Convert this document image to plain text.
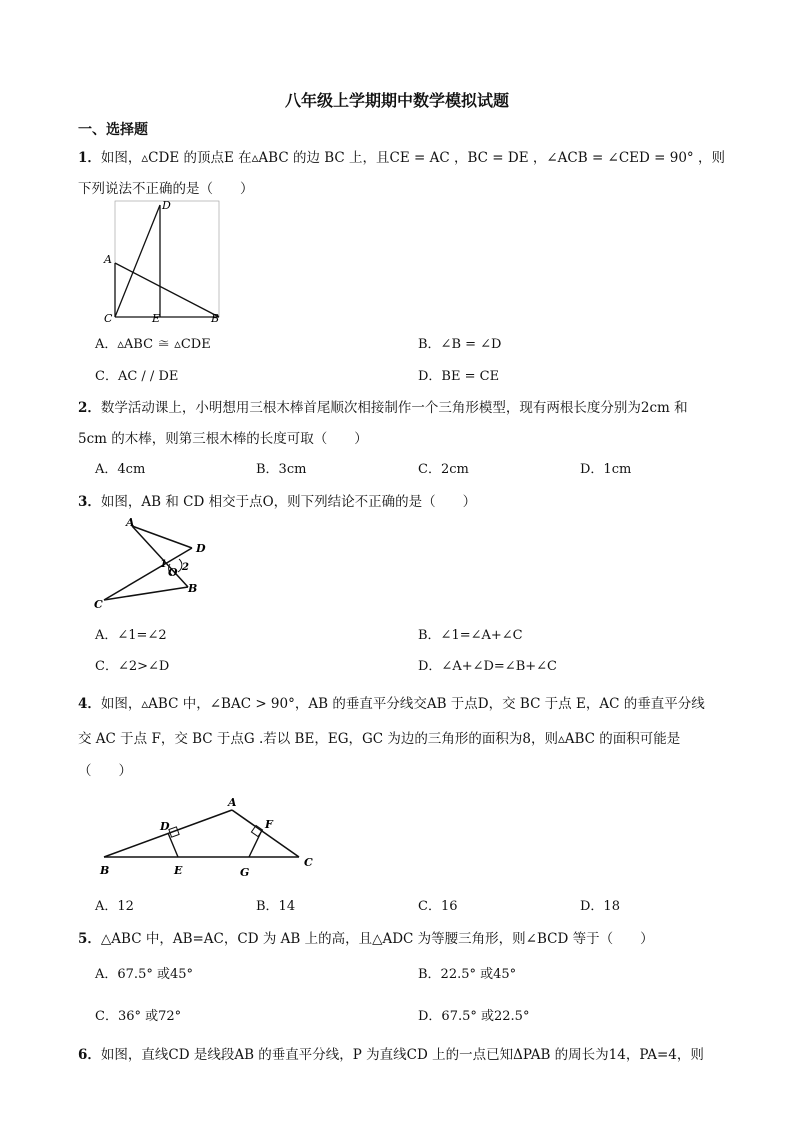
八年级上学期期中数学模拟试题
一、选择题
1．如图，▵CDE 的顶点E 在▵ABC 的边 BC 上，且CE = AC ，BC = DE ，∠ACB = ∠CED = 90° ，则
下列说法不正确的是（　　）
D
A
C	E	B
A．▵ABC ≅ ▵CDE	B．∠B = ∠D
C．AC / / DE	D．BE = CE
2．数学活动课上，小明想用三根木棒首尾顺次相接制作一个三角形模型，现有两根长度分别为2cm 和
5cm 的木棒，则第三根木棒的长度可取（　　）
A．4cm	B．3cm	C．2cm	D．1cm
3．如图，AB 和 CD 相交于点O，则下列结论不正确的是（　　）
A
D
1 2
O
B
C
A．∠1=∠2	B．∠1=∠A+∠C
C．∠2>∠D	D．∠A+∠D=∠B+∠C
4．如图，▵ABC 中，∠BAC > 90°，AB 的垂直平分线交AB 于点D，交 BC 于点 E，AC 的垂直平分线
交 AC 于点 F，交 BC 于点G .若以 BE，EG，GC 为边的三角形的面积为8，则▵ABC 的面积可能是
（　　）
A
D	F
B	E	G
C
A．12	B．14	C．16	D．18
5．△ABC 中，AB=AC，CD 为 AB 上的高，且△ADC 为等腰三角形，则∠BCD 等于（　　）
A．67.5° 或45°	B．22.5° 或45°
C．36° 或72°	D．67.5° 或22.5°
6．如图，直线CD 是线段AB 的垂直平分线，P 为直线CD 上的一点已知ΔPAB 的周长为14，PA=4，则
